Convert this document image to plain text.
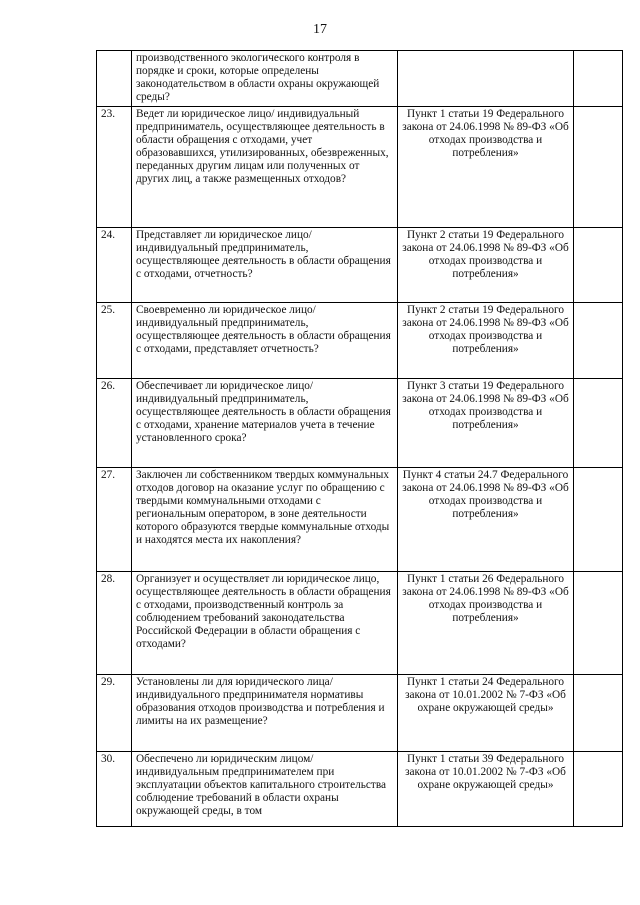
17
	производственного экологического контроля в порядке и сроки, которые определены законодательством в области охраны окружающей среды?		
23.	Ведет ли юридическое лицо/ индивидуальный предприниматель, осуществляющее деятельность в области обращения с отходами, учет образовавшихся, утилизированных, обезвреженных, переданных другим лицам или полученных от других лиц, а также размещенных отходов?	Пункт 1 статьи 19 Федерального закона от 24.06.1998 № 89-ФЗ «Об отходах производства и потребления»	
24.	Представляет ли юридическое лицо/ индивидуальный предприниматель, осуществляющее деятельность в области обращения с отходами, отчетность?	Пункт 2 статьи 19 Федерального закона от 24.06.1998 № 89-ФЗ «Об отходах производства и потребления»	
25.	Своевременно ли юридическое лицо/ индивидуальный предприниматель, осуществляющее деятельность в области обращения с отходами, представляет отчетность?	Пункт 2 статьи 19 Федерального закона от 24.06.1998 № 89-ФЗ «Об отходах производства и потребления»	
26.	Обеспечивает ли юридическое лицо/ индивидуальный предприниматель, осуществляющее деятельность в области обращения с отходами, хранение материалов учета в течение установленного срока?	Пункт 3 статьи 19 Федерального закона от 24.06.1998 № 89-ФЗ «Об отходах производства и потребления»	
27.	Заключен ли собственником твердых коммунальных отходов договор на оказание услуг по обращению с твердыми коммунальными отходами с региональным оператором, в зоне деятельности которого образуются твердые коммунальные отходы и находятся места их накопления?	Пункт 4 статьи 24.7 Федерального закона от 24.06.1998 № 89-ФЗ «Об отходах производства и потребления»	
28.	Организует и осуществляет ли юридическое лицо, осуществляющее деятельность в области обращения с отходами, производственный контроль за соблюдением требований законодательства Российской Федерации в области обращения с отходами?	Пункт 1 статьи 26 Федерального закона от 24.06.1998 № 89-ФЗ «Об отходах производства и потребления»	
29.	Установлены ли для юридического лица/ индивидуального предпринимателя нормативы образования отходов производства и потребления и лимиты на их размещение?	Пункт 1 статьи 24 Федерального закона от 10.01.2002 № 7-ФЗ «Об охране окружающей среды»	
30.	Обеспечено ли юридическим лицом/индивидуальным предпринимателем при эксплуатации объектов капитального строительства соблюдение требований в области охраны окружающей среды, в том	Пункт 1 статьи 39 Федерального закона от 10.01.2002 № 7-ФЗ «Об охране окружающей среды»	
